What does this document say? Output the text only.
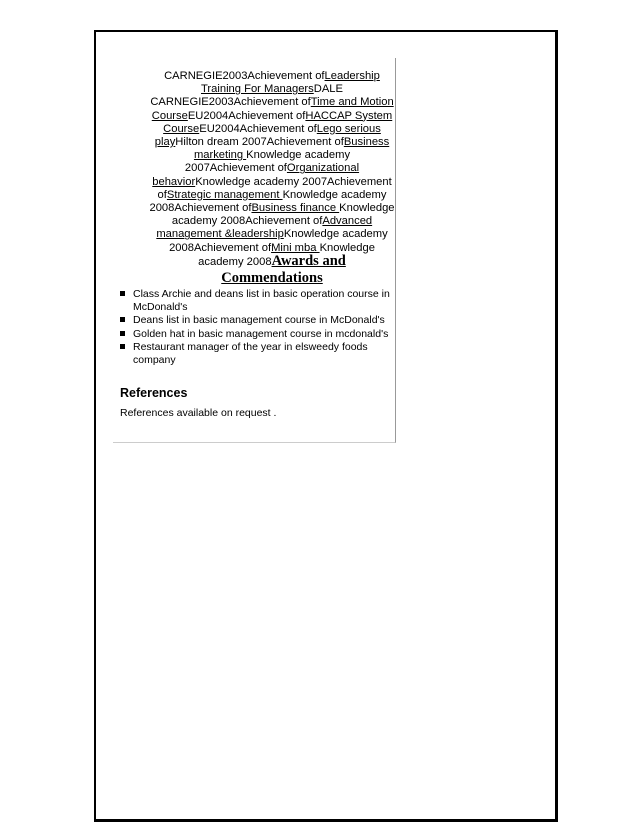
CARNEGIE2003Achievement ofLeadership Training For ManagersDALE CARNEGIE2003Achievement ofTime and Motion CourseEU2004Achievement ofHACCAP System CourseEU2004Achievement ofLego serious playHilton dream 2007Achievement ofBusiness marketing Knowledge academy 2007Achievement ofOrganizational behaviorKnowledge academy 2007Achievement ofStrategic management Knowledge academy 2008Achievement ofBusiness finance Knowledge academy 2008Achievement ofAdvanced management &leadershipKnowledge academy 2008Achievement ofMini mba Knowledge academy 2008Awards and
Commendations
Class Archie and deans list in basic operation course in McDonald's
Deans list in basic management course in McDonald's
Golden hat in basic management course in mcdonald's
Restaurant manager of the year in elsweedy foods company
References
References available on request .
